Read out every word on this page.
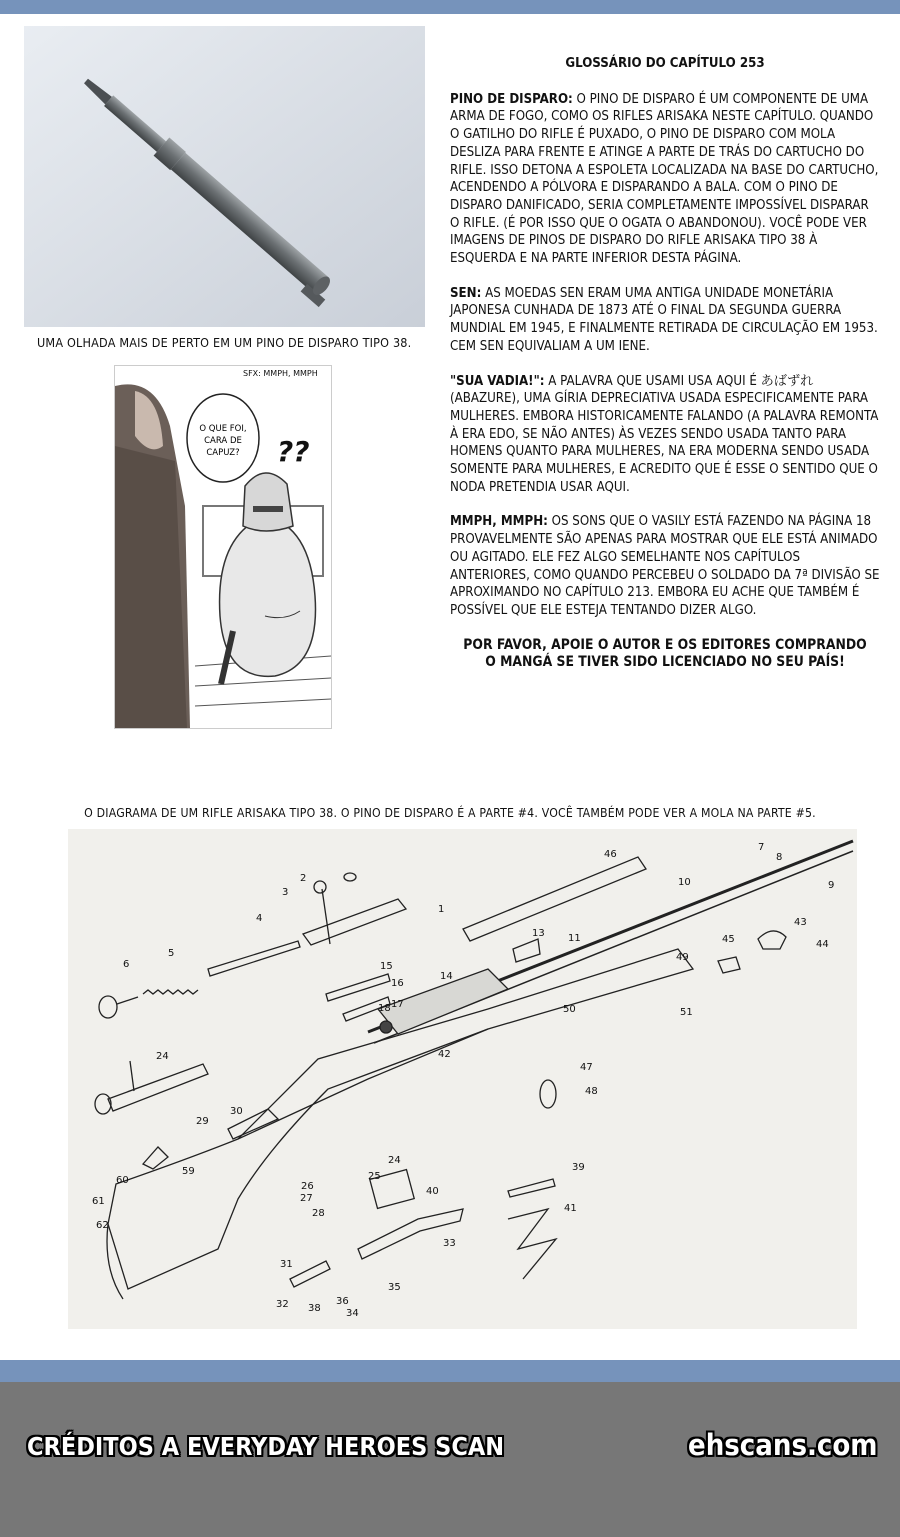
UMA OLHADA MAIS DE PERTO EM UM PINO DE DISPARO TIPO 38.
O QUE FOI,
CARA DE
CAPUZ? ??
SFX: MMPH, MMPH
GLOSSÁRIO DO CAPÍTULO 253
PINO DE DISPARO: O PINO DE DISPARO É UM COMPONENTE DE UMA ARMA DE FOGO, COMO OS RIFLES ARISAKA NESTE CAPÍTULO. QUANDO O GATILHO DO RIFLE É PUXADO, O PINO DE DISPARO COM MOLA DESLIZA PARA FRENTE E ATINGE A PARTE DE TRÁS DO CARTUCHO DO RIFLE. ISSO DETONA A ESPOLETA LOCALIZADA NA BASE DO CARTUCHO, ACENDENDO A PÓLVORA E DISPARANDO A BALA. COM O PINO DE DISPARO DANIFICADO, SERIA COMPLETAMENTE IMPOSSÍVEL DISPARAR O RIFLE. (É POR ISSO QUE O OGATA O ABANDONOU). VOCÊ PODE VER IMAGENS DE PINOS DE DISPARO DO RIFLE ARISAKA TIPO 38 À ESQUERDA E NA PARTE INFERIOR DESTA PÁGINA.
SEN: AS MOEDAS SEN ERAM UMA ANTIGA UNIDADE MONETÁRIA JAPONESA CUNHADA DE 1873 ATÉ O FINAL DA SEGUNDA GUERRA MUNDIAL EM 1945, E FINALMENTE RETIRADA DE CIRCULAÇÃO EM 1953. CEM SEN EQUIVALIAM A UM IENE.
"SUA VADIA!": A PALAVRA QUE USAMI USA AQUI É あばずれ (ABAZURE), UMA GÍRIA DEPRECIATIVA USADA ESPECIFICAMENTE PARA MULHERES. EMBORA HISTORICAMENTE FALANDO (A PALAVRA REMONTA À ERA EDO, SE NÃO ANTES) ÀS VEZES SENDO USADA TANTO PARA HOMENS QUANTO PARA MULHERES, NA ERA MODERNA SENDO USADA SOMENTE PARA MULHERES, E ACREDITO QUE É ESSE O SENTIDO QUE O NODA PRETENDIA USAR AQUI.
MMPH, MMPH: OS SONS QUE O VASILY ESTÁ FAZENDO NA PÁGINA 18 PROVAVELMENTE SÃO APENAS PARA MOSTRAR QUE ELE ESTÁ ANIMADO OU AGITADO. ELE FEZ ALGO SEMELHANTE NOS CAPÍTULOS ANTERIORES, COMO QUANDO PERCEBEU O SOLDADO DA 7ª DIVISÃO SE APROXIMANDO NO CAPÍTULO 213. EMBORA EU ACHE QUE TAMBÉM É POSSÍVEL QUE ELE ESTEJA TENTANDO DIZER ALGO.
POR FAVOR, APOIE O AUTOR E OS EDITORES COMPRANDO
O MANGÁ SE TIVER SIDO LICENCIADO NO SEU PAÍS!
O DIAGRAMA DE UM RIFLE ARISAKA TIPO 38. O PINO DE DISPARO É A PARTE #4. VOCÊ TAMBÉM PODE VER A MOLA NA PARTE #5.
1
2
3
4
5
6
7
8
9
10
11
13
14
15
16
17
18
24
24
25
26
27
28
29
30
31
32
33
34
35
36
38
39
40
41
42
43
44
45
46
47
48
49
50	51
59
60
61
62
CRÉDITOS A EVERYDAY HEROES SCAN	ehscans.com
